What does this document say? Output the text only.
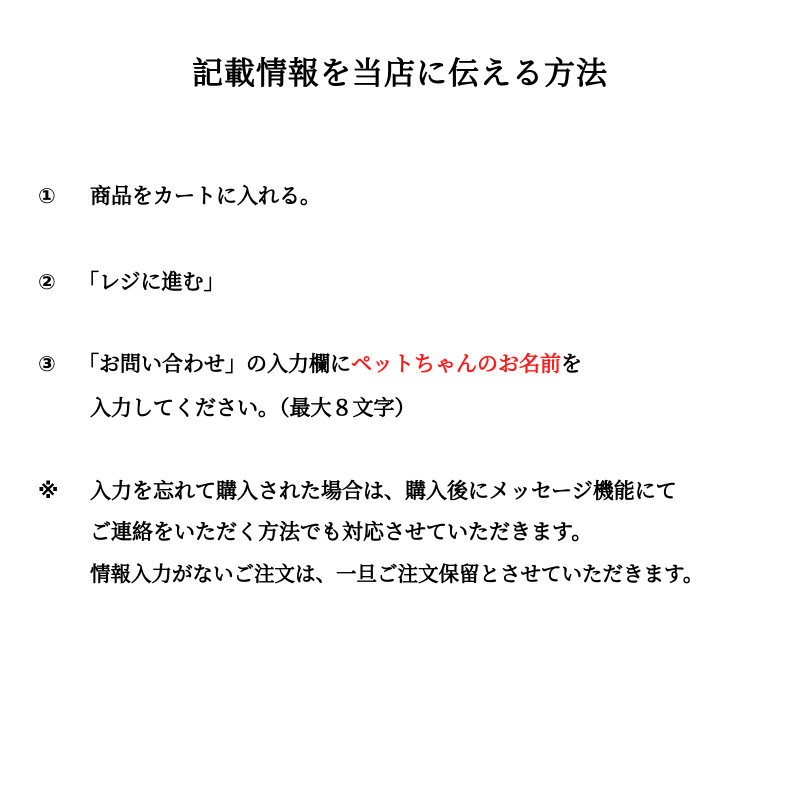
記載情報を当店に伝える方法
① 商品をカートに入れる。
② 「レジに進む」
③ 「お問い合わせ」の入力欄にペットちゃんのお名前を
入力してください。（最大８文字）
※ 入力を忘れて購入された場合は、購入後にメッセージ機能にて
ご連絡をいただく方法でも対応させていただきます。
情報入力がないご注文は、一旦ご注文保留とさせていただきます。
